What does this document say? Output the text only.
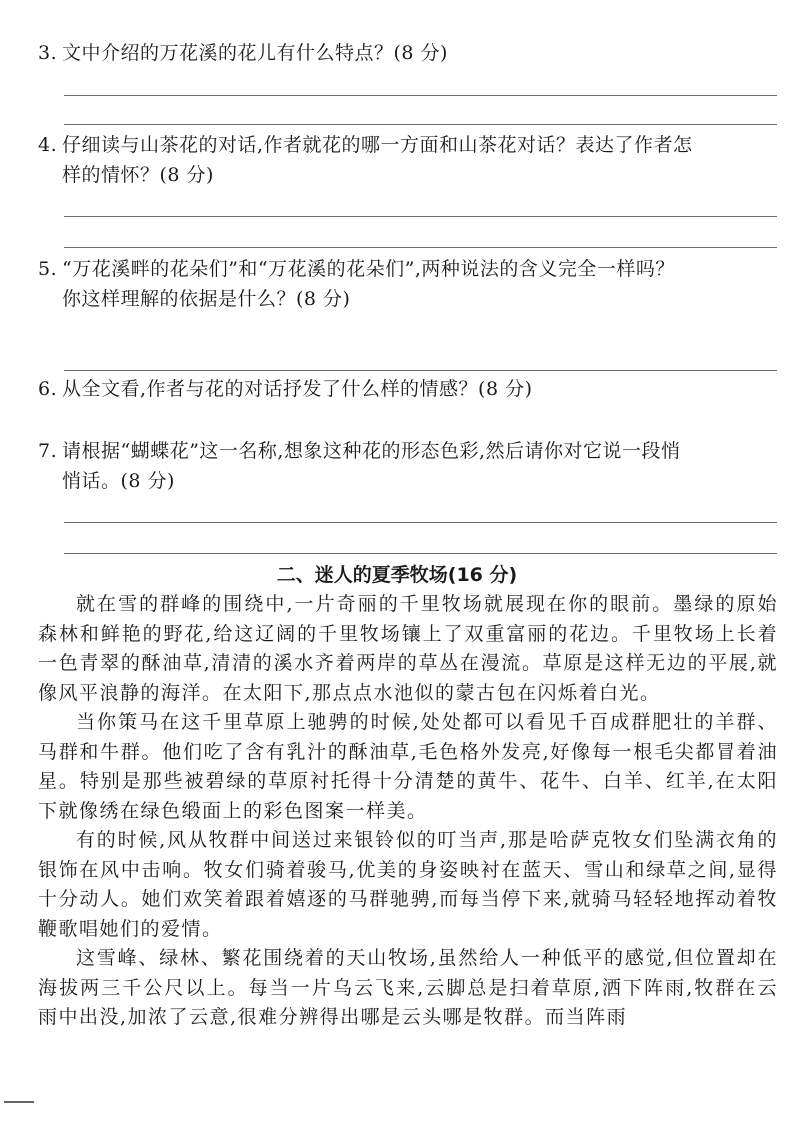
3. 文中介绍的万花溪的花儿有什么特点？(8 分)
4. 仔细读与山茶花的对话,作者就花的哪一方面和山茶花对话？表达了作者怎
样的情怀？(8 分)
5. “万花溪畔的花朵们”和“万花溪的花朵们”,两种说法的含义完全一样吗？
你这样理解的依据是什么？(8 分)
6. 从全文看,作者与花的对话抒发了什么样的情感？(8 分)
7. 请根据“蝴蝶花”这一名称,想象这种花的形态色彩,然后请你对它说一段悄
悄话。(8 分)
二、迷人的夏季牧场(16 分)

就在雪的群峰的围绕中,一片奇丽的千里牧场就展现在你的眼前。墨绿的原始森林和鲜艳的野花,给这辽阔的千里牧场镶上了双重富丽的花边。千里牧场上长着一色青翠的酥油草,清清的溪水齐着两岸的草丛在漫流。草原是这样无边的平展,就像风平浪静的海洋。在太阳下,那点点水池似的蒙古包在闪烁着白光。

当你策马在这千里草原上驰骋的时候,处处都可以看见千百成群肥壮的羊群、马群和牛群。他们吃了含有乳汁的酥油草,毛色格外发亮,好像每一根毛尖都冒着油星。特别是那些被碧绿的草原衬托得十分清楚的黄牛、花牛、白羊、红羊,在太阳下就像绣在绿色缎面上的彩色图案一样美。

有的时候,风从牧群中间送过来银铃似的叮当声,那是哈萨克牧女们坠满衣角的银饰在风中击响。牧女们骑着骏马,优美的身姿映衬在蓝天、雪山和绿草之间,显得十分动人。她们欢笑着跟着嬉逐的马群驰骋,而每当停下来,就骑马轻轻地挥动着牧鞭歌唱她们的爱情。

这雪峰、绿林、繁花围绕着的天山牧场,虽然给人一种低平的感觉,但位置却在海拔两三千公尺以上。每当一片乌云飞来,云脚总是扫着草原,洒下阵雨,牧群在云雨中出没,加浓了云意,很难分辨得出哪是云头哪是牧群。而当阵雨
